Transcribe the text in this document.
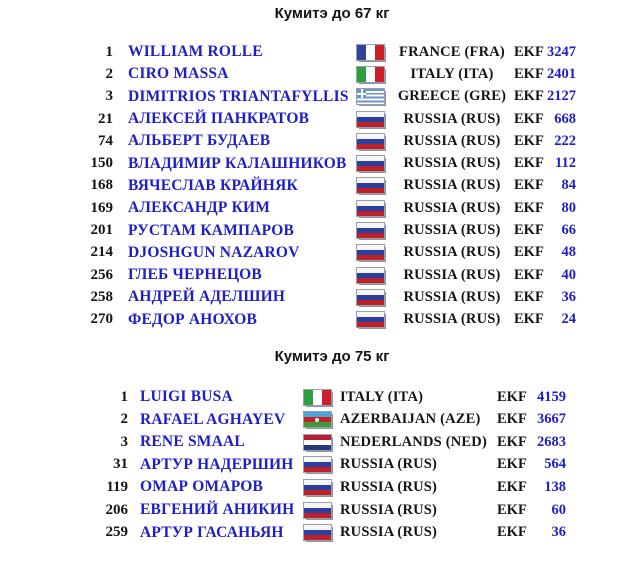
Кумитэ до 67 кг
1 WILLIAM ROLLE	FRANCE (FRA) EKF 3247
2 CIRO MASSA	ITALY (ITA)	EKF 2401
3 DIMITRIOS TRIANTAFYLLIS	GREECE (GRE) EKF 2127
21 АЛЕКСЕЙ ПАНКРАТОВ	RUSSIA (RUS) EKF 668
74 АЛЬБЕРТ БУДАЕВ	RUSSIA (RUS) EKF 222
150 ВЛАДИМИР КАЛАШНИКОВ	RUSSIA (RUS) EKF 112
168 ВЯЧЕСЛАВ КРАЙНЯК	RUSSIA (RUS) EKF	84
169 АЛЕКСАНДР КИМ	RUSSIA (RUS) EKF	80
201 РУСТАМ КАМПАРОВ	RUSSIA (RUS) EKF	66
214 DJOSHGUN NAZAROV	RUSSIA (RUS) EKF	48
256 ГЛЕБ ЧЕРНЕЦОВ	RUSSIA (RUS) EKF	40
258 АНДРЕЙ АДЕЛШИН	RUSSIA (RUS) EKF	36
270 ФЕДОР АНОХОВ	RUSSIA (RUS) EKF	24
Кумитэ до 75 кг
1 LUIGI BUSA	ITALY (ITA)	EKF 4159
2 RAFAEL AGHAYEV	AZERBAIJAN (AZE)	EKF 3667
3 RENE SMAAL	NEDERLANDS (NED) EKF 2683
31 АРТУР НАДЕРШИН	RUSSIA (RUS)	EKF	564
119 ОМАР ОМАРОВ	RUSSIA (RUS)	EKF	138
206 ЕВГЕНИЙ АНИКИН	RUSSIA (RUS)	EKF	60
259 АРТУР ГАСАНЬЯН	RUSSIA (RUS)	EKF	36
